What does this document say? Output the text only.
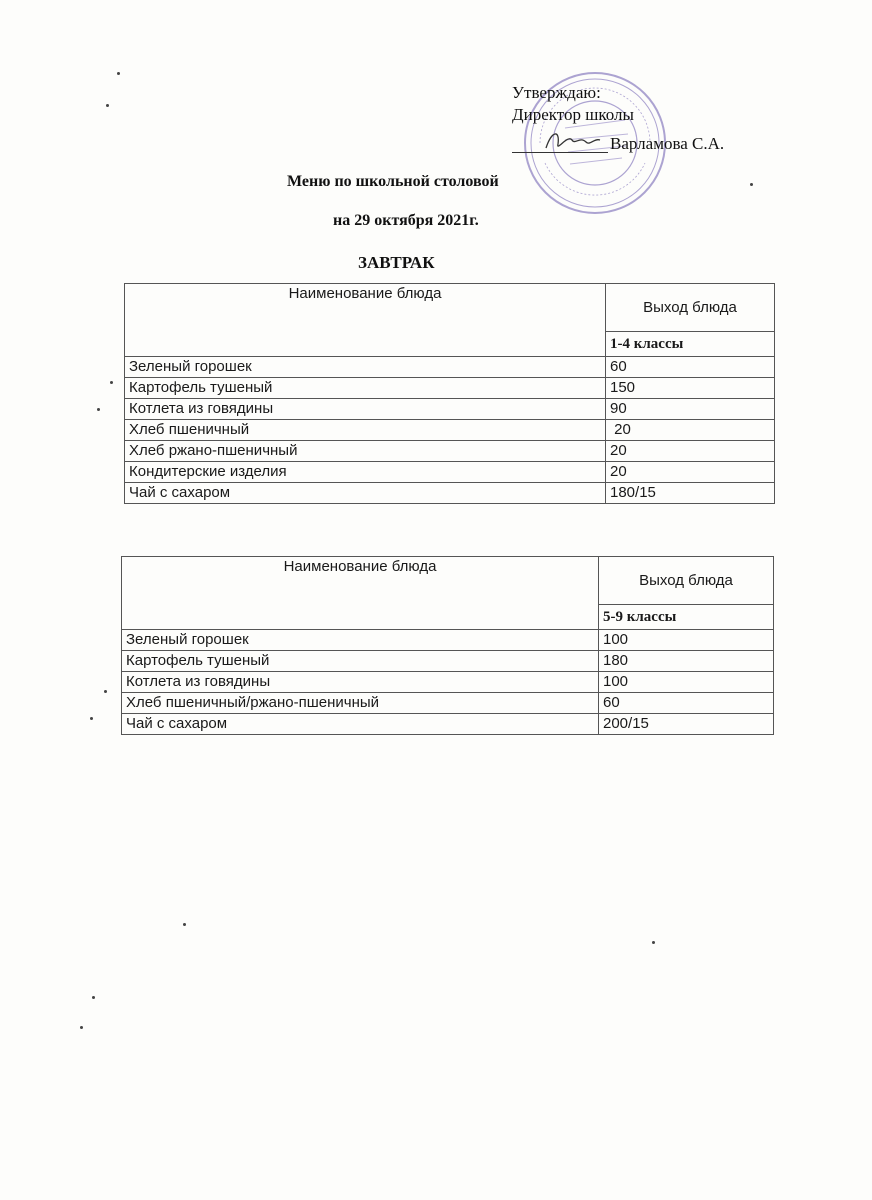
Утверждаю:
Директор школы
Варламова С.А.
Меню по школьной столовой
на 29 октября 2021г.
ЗАВТРАК
Наименование блюда	Выход блюда
	1-4 классы
Зеленый горошек	60
Картофель тушеный	150
Котлета из говядины	90
Хлеб пшеничный	20
Хлеб ржано-пшеничный	20
Кондитерские изделия	20
Чай с сахаром	180/15
Наименование блюда	Выход блюда
	5-9 классы
Зеленый горошек	100
Картофель тушеный	180
Котлета из говядины	100
Хлеб пшеничный/ржано-пшеничный	60
Чай с сахаром	200/15
